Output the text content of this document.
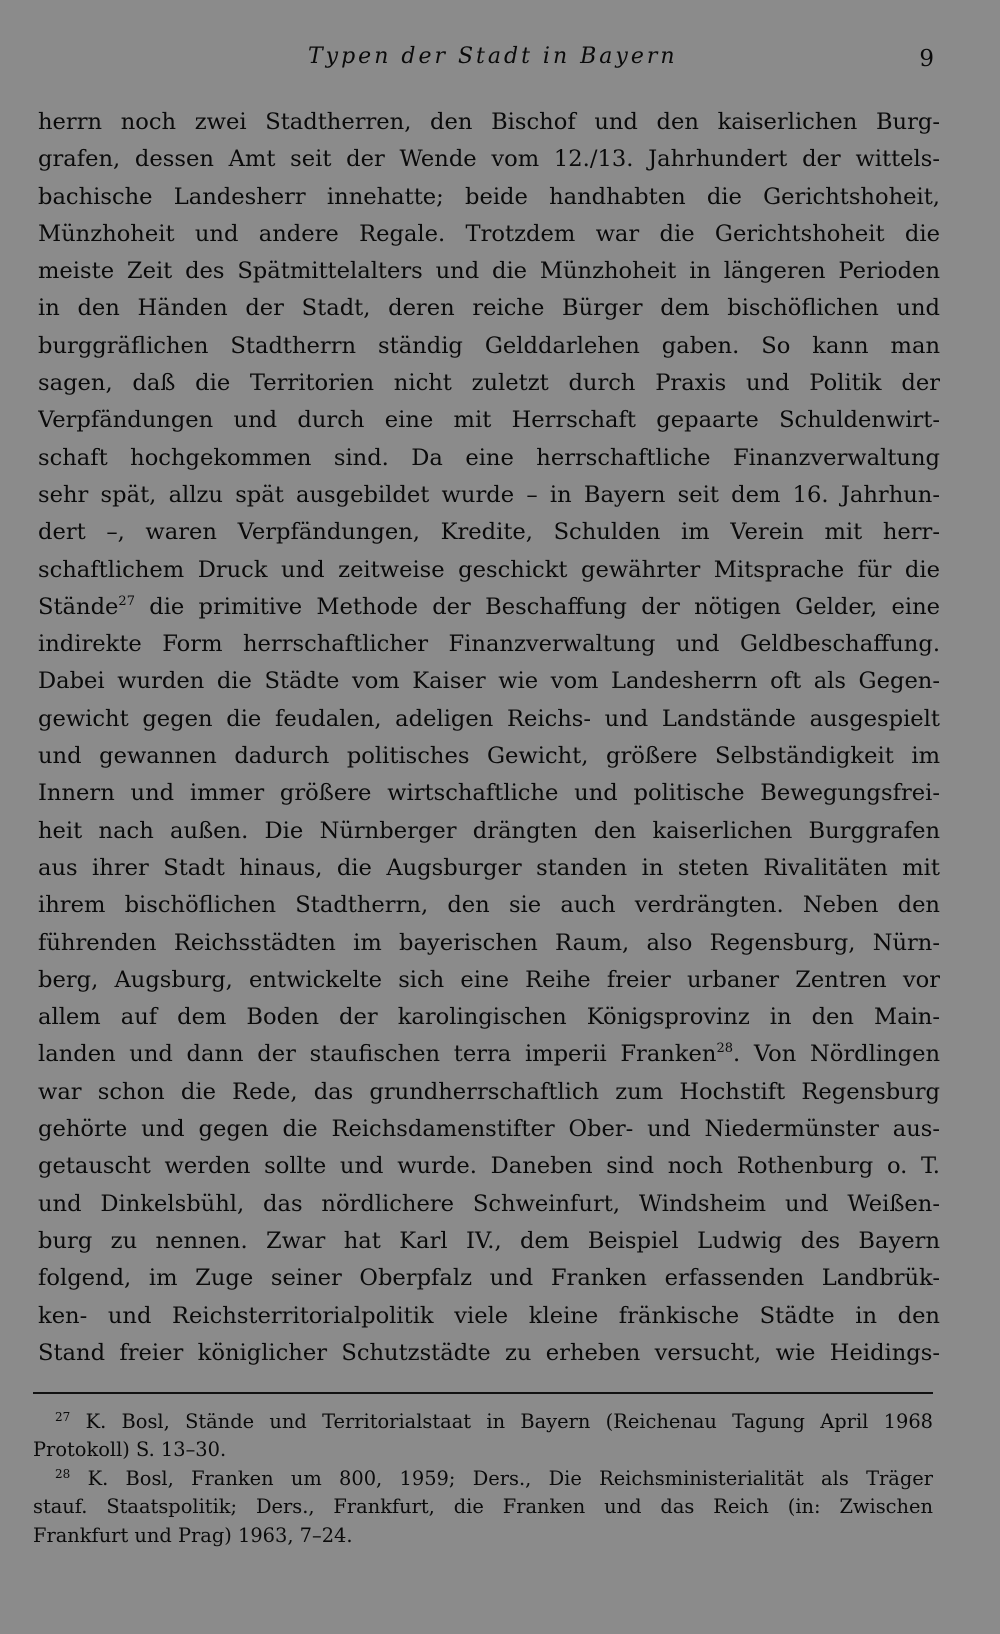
Typen der Stadt in Bayern	9
herrn noch zwei Stadtherren, den Bischof und den kaiserlichen Burg-
grafen, dessen Amt seit der Wende vom 12./13. Jahrhundert der wittels-
bachische Landesherr innehatte; beide handhabten die Gerichtshoheit,
Münzhoheit und andere Regale. Trotzdem war die Gerichtshoheit die
meiste Zeit des Spätmittelalters und die Münzhoheit in längeren Perioden
in den Händen der Stadt, deren reiche Bürger dem bischöflichen und
burggräflichen Stadtherrn ständig Gelddarlehen gaben. So kann man
sagen, daß die Territorien nicht zuletzt durch Praxis und Politik der
Verpfändungen und durch eine mit Herrschaft gepaarte Schuldenwirt-
schaft hochgekommen sind. Da eine herrschaftliche Finanzverwaltung
sehr spät, allzu spät ausgebildet wurde – in Bayern seit dem 16. Jahrhun-
dert –, waren Verpfändungen, Kredite, Schulden im Verein mit herr-
schaftlichem Druck und zeitweise geschickt gewährter Mitsprache für die
Stände$^{27}$ die primitive Methode der Beschaffung der nötigen Gelder, eine
indirekte Form herrschaftlicher Finanzverwaltung und Geldbeschaffung.
Dabei wurden die Städte vom Kaiser wie vom Landesherrn oft als Gegen-
gewicht gegen die feudalen, adeligen Reichs- und Landstände ausgespielt
und gewannen dadurch politisches Gewicht, größere Selbständigkeit im
Innern und immer größere wirtschaftliche und politische Bewegungsfrei-
heit nach außen. Die Nürnberger drängten den kaiserlichen Burggrafen
aus ihrer Stadt hinaus, die Augsburger standen in steten Rivalitäten mit
ihrem bischöflichen Stadtherrn, den sie auch verdrängten. Neben den
führenden Reichsstädten im bayerischen Raum, also Regensburg, Nürn-
berg, Augsburg, entwickelte sich eine Reihe freier urbaner Zentren vor
allem auf dem Boden der karolingischen Königsprovinz in den Main-
landen und dann der staufischen terra imperii Franken$^{28}$. Von Nördlingen
war schon die Rede, das grundherrschaftlich zum Hochstift Regensburg
gehörte und gegen die Reichsdamenstifter Ober- und Niedermünster aus-
getauscht werden sollte und wurde. Daneben sind noch Rothenburg o. T.
und Dinkelsbühl, das nördlichere Schweinfurt, Windsheim und Weißen-
burg zu nennen. Zwar hat Karl IV., dem Beispiel Ludwig des Bayern
folgend, im Zuge seiner Oberpfalz und Franken erfassenden Landbrük-
ken- und Reichsterritorialpolitik viele kleine fränkische Städte in den
Stand freier königlicher Schutzstädte zu erheben versucht, wie Heidings-
$^{27}$ K. Bosl, Stände und Territorialstaat in Bayern (Reichenau Tagung April 1968
Protokoll) S. 13–30.
$^{28}$ K. Bosl, Franken um 800, 1959; Ders., Die Reichsministerialität als Träger
stauf. Staatspolitik; Ders., Frankfurt, die Franken und das Reich (in: Zwischen
Frankfurt und Prag) 1963, 7–24.
